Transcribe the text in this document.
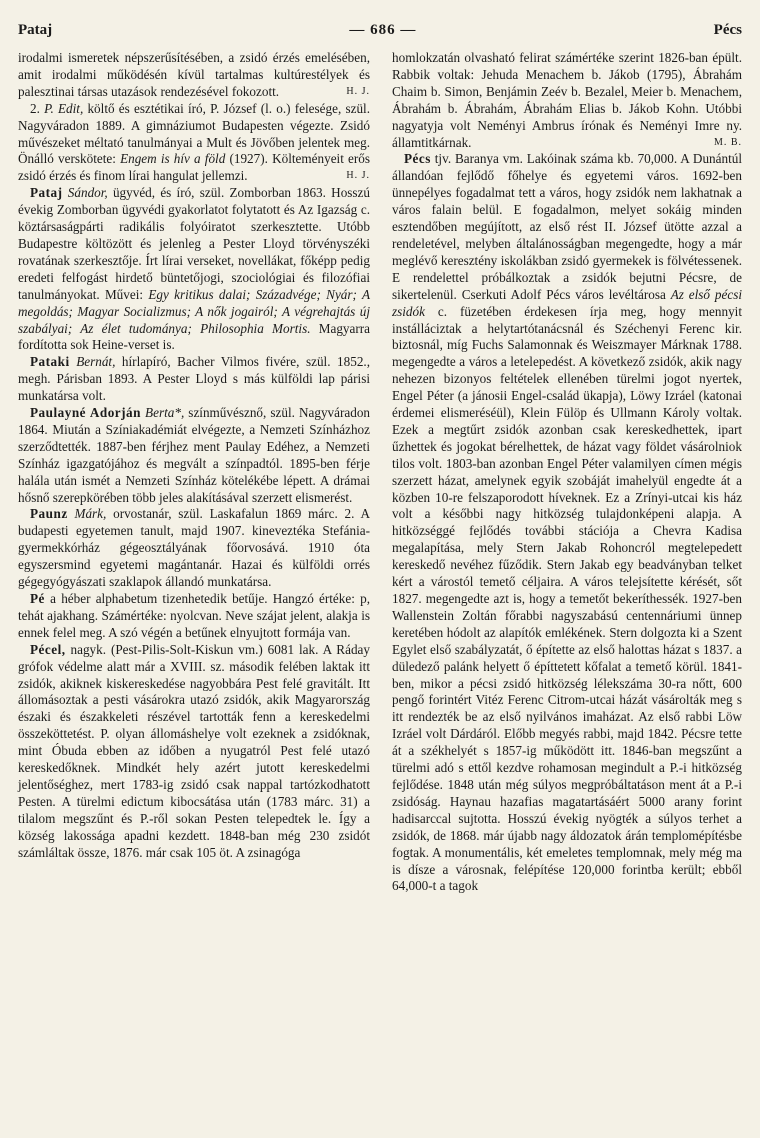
Pataj	— 686 —	Pécs

irodalmi ismeretek népszerűsítésében, a zsidó érzés emelésében, amit irodalmi működésén kívül tartalmas kultúrestélyek és palesztinai társas utazások rendezésével fokozott.	H. J.

2. P. Edit, költő és esztétikai író, P. József (l. o.) felesége, szül. Nagyváradon 1889. A gimnáziumot Budapesten végezte. Zsidó művészeket méltató tanulmányai a Mult és Jövőben jelentek meg. Önálló verskötete: Engem is hív a föld (1927). Költeményeit erős zsidó érzés és finom lírai hangulat jellemzi.	H. J.

Pataj Sándor, ügyvéd, és író, szül. Zomborban 1863. Hosszú évekig Zomborban ügyvédi gyakorlatot folytatott és Az Igazság c. köztársaságpárti radikális folyóiratot szerkesztette. Utóbb Budapestre költözött és jelenleg a Pester Lloyd törvényszéki rovatának szerkesztője. Írt lírai verseket, novellákat, főképp pedig eredeti felfogást hirdető büntetőjogi, szociológiai és filozófiai tanulmányokat. Művei: Egy kritikus dalai; Századvége; Nyár; A megoldás; Magyar Socializmus; A nők jogairól; A végrehajtás új szabályai; Az élet tudománya; Philosophia Mortis. Magyarra fordította sok Heine-verset is.

Pataki Bernát, hírlapíró, Bacher Vilmos fivére, szül. 1852., megh. Párisban 1893. A Pester Lloyd s más külföldi lap párisi munkatársa volt.

Paulayné Adorján Berta*, színművésznő, szül. Nagyváradon 1864. Miután a Színiakadémiát elvégezte, a Nemzeti Színházhoz szerződtették. 1887-ben férjhez ment Paulay Edéhez, a Nemzeti Színház igazgatójához és megvált a színpadtól. 1895-ben férje halála után ismét a Nemzeti Színház kötelékébe lépett. A drámai hősnő szerepkörében több jeles alakításával szerzett elismerést.

Paunz Márk, orvostanár, szül. Laskafalun 1869 márc. 2. A budapesti egyetemen tanult, majd 1907. kineveztéka Stefánia-gyermekkórház gégeosztályának főorvosává. 1910 óta egyszersmind egyetemi magántanár. Hazai és külföldi orrés gégegyógyászati szaklapok állandó munkatársa.

Pé a héber alphabetum tizenhetedik betűje. Hangzó értéke: p, tehát ajakhang. Számértéke: nyolcvan. Neve szájat jelent, alakja is ennek felel meg. A szó végén a betűnek elnyujtott formája van.

Pécel, nagyk. (Pest-Pilis-Solt-Kiskun vm.) 6081 lak. A Ráday grófok védelme alatt már a XVIII. sz. második felében laktak itt zsidók, akiknek kiskereskedése nagyobbára Pest felé gravitált. Itt állomásoztak a pesti vásárokra utazó zsidók, akik Magyarország északi és északkeleti részével tartották fenn a kereskedelmi összeköttetést. P. olyan állomáshelye volt ezeknek a zsidóknak, mint Óbuda ebben az időben a nyugatról Pest felé utazó kereskedőknek. Mindkét hely azért jutott kereskedelmi jelentőséghez, mert 1783-ig zsidó csak nappal tartózkodhatott Pesten. A türelmi edictum kibocsátása után (1783 márc. 31) a tilalom megszűnt és P.-ről sokan Pesten telepedtek le. Így a község lakossága apadni kezdett. 1848-ban még 230 zsidót számláltak össze, 1876. már csak 105 öt. A zsinagóga

homlokzatán olvasható felirat számértéke szerint 1826-ban épült. Rabbik voltak: Jehuda Menachem b. Jákob (1795), Ábrahám Chaim b. Simon, Benjámin Zeév b. Bezalel, Meier b. Menachem, Ábrahám b. Ábrahám, Ábrahám Elias b. Jákob Kohn. Utóbbi nagyatyja volt Neményi Ambrus írónak és Neményi Imre ny. államtitkárnak.	M. B.

Pécs tjv. Baranya vm. Lakóinak száma kb. 70,000. A Dunántúl állandóan fejlődő főhelye és egyetemi város. 1692-ben ünnepélyes fogadalmat tett a város, hogy zsidók nem lakhatnak a város falain belül. E fogadalmon, melyet sokáig minden esztendőben megújított, az első rést II. József ütötte azzal a rendeletével, melyben általánosságban megengedte, hogy a már meglévő keresztény iskolákban zsidó gyermekek is fölvétessenek. E rendelettel próbálkoztak a zsidók bejutni Pécsre, de sikertelenül. Cserkuti Adolf Pécs város levéltárosa Az első pécsi zsidók c. füzetében érdekesen írja meg, hogy mennyit instálláciztak a helytartótanácsnál és Széchenyi Ferenc kir. biztosnál, míg Fuchs Salamonnak és Weiszmayer Márknak 1788. megengedte a város a letelepedést. A következő zsidók, akik nagy nehezen bizonyos feltételek ellenében türelmi jogot nyertek, Engel Péter (a jánosii Engel-család ükapja), Löwy Izráel (katonai érdemei elismeréséül), Klein Fülöp és Ullmann Károly voltak. Ezek a megtűrt zsidók azonban csak kereskedhettek, ipart űzhettek és jogokat bérelhettek, de házat vagy földet vásárolniok tilos volt. 1803-ban azonban Engel Péter valamilyen címen mégis szerzett házat, amelynek egyik szobáját imahelyül engedte át a közben 10-re felszaporodott híveknek. Ez a Zrínyi-utcai kis ház volt a későbbi nagy hitközség tulajdonképeni alapja. A hitközséggé fejlődés további stációja a Chevra Kadisa megalapítása, mely Stern Jakab Rohoncról megtelepedett kereskedő nevéhez fűződik. Stern Jakab egy beadványban telket kért a várostól temető céljaira. A város telejsítette kérését, sőt 1827. megengedte azt is, hogy a temetőt bekeríthessék. 1927-ben Wallenstein Zoltán főrabbi nagyszabású centennáriumi ünnep keretében hódolt az alapítók emlékének. Stern dolgozta ki a Szent Egylet első szabályzatát, ő építette az első halottas házat s 1837. a düledező palánk helyett ő építtetett kőfalat a temető körül. 1841-ben, mikor a pécsi zsidó hitközség lélekszáma 30-ra nőtt, 600 pengő forintért Vitéz Ferenc Citrom-utcai házát vásárolták meg s itt rendezték be az első nyilvános imaházat. Az első rabbi Löw Izráel volt Dárdáról. Előbb megyés rabbi, majd 1842. Pécsre tette át a székhelyét s 1857-ig működött itt. 1846-ban megszűnt a türelmi adó s ettől kezdve rohamosan megindult a P.-i hitközség fejlődése. 1848 után még súlyos megpróbáltatáson ment át a P.-i zsidóság. Haynau hazafias magatartásáért 5000 arany forint hadisarccal sujtotta. Hosszú évekig nyögték a súlyos terhet a zsidók, de 1868. már újabb nagy áldozatok árán templomépítésbe fogtak. A monumentális, két emeletes templomnak, mely még ma is dísze a városnak, felépítése 120,000 forintba került; ebből 64,000-t a tagok
